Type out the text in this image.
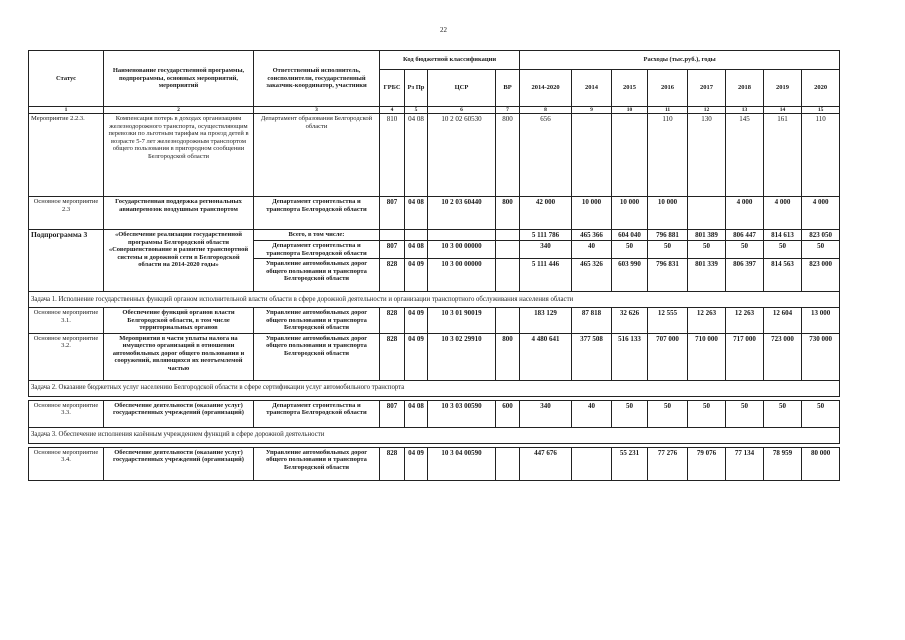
22
Статус	Наименование государственной программы, подпрограммы, основных мероприятий, мероприятий	Ответственный исполнитель, соисполнители, государственный заказчик-координатор, участники	Код бюджетной классификации				Расходы (тыс.руб.), годы							
			ГРБС	Рз Пр	ЦСР	ВР	2014-2020	2014	2015	2016	2017	2018	2019	2020
1	2	3	4	5	6	7	8	9	10	11	12	13	14	15
Мероприятие 2.2.3.	Компенсация потерь в доходах организациям железнодорожного транспорта, осуществляющим перевозки по льготным тарифам на проезд детей в возрасте 5-7 лет железнодорожным транспортом общего пользования в пригородном сообщении Белгородской области	Департамент образования Белгородской области	810	04 08	10 2 02 60530	800	656			110	130	145	161	110
Основное мероприятие 2.3	Государственная поддержка региональных авиаперевозок воздушным транспортом	Департамент строительства и транспорта Белгородской области	807	04 08	10 2 03 60440	800	42 000	10 000	10 000	10 000		4 000	4 000	4 000
Подпрограмма 3	«Обеспечение реализации государственной программы Белгородской области «Совершенствование и развитие транспортной системы и дорожной сети в Белгородской области на 2014-2020 годы»	Всего, в том числе:					5 111 786	465 366	604 040	796 881	801 389	806 447	814 613	823 050
		Департамент строительства и транспорта Белгородской области	807	04 08	10 3 00 00000		340	40	50	50	50	50	50	50
		Управление автомобильных дорог общего пользования и транспорта Белгородской области	828	04 09	10 3 00 00000		5 111 446	465 326	603 990	796 831	801 339	806 397	814 563	823 000
Задача 1. Исполнение государственных функций органом исполнительной власти области в сфере дорожной деятельности и организации транспортного обслуживания населения области														
Основное мероприятие 3.1.	Обеспечение функций органов власти Белгородской области, в том числе территориальных органов	Управление автомобильных дорог общего пользования и транспорта Белгородской области	828	04 09	10 3 01 90019		183 129	87 818	32 626	12 555	12 263	12 263	12 604	13 000
Основное мероприятие 3.2.	Мероприятия в части уплаты налога на имущество организаций в отношении автомобильных дорог общего пользования и сооружений, являющихся их неотъемлемой частью	Управление автомобильных дорог общего пользования и транспорта Белгородской области	828	04 09	10 3 02 29910	800	4 480 641	377 508	516 133	707 000	710 000	717 000	723 000	730 000
Задача 2. Оказание бюджетных услуг населению Белгородской области в сфере сертификации услуг автомобильного транспорта														

Основное мероприятие 3.3.	Обеспечение деятельности (оказание услуг) государственных учреждений (организаций)	Департамент строительства и транспорта Белгородской области	807	04 08	10 3 03 00590	600	340	40	50	50	50	50	50	50
Задача 3. Обеспечение исполнения казённым учреждением функций в сфере дорожной деятельности														

Основное мероприятие 3.4.	Обеспечение деятельности (оказание услуг) государственных учреждений (организаций)	Управление автомобильных дорог общего пользования и транспорта Белгородской области	828	04 09	10 3 04 00590		447 676		55 231	77 276	79 076	77 134	78 959	80 000
